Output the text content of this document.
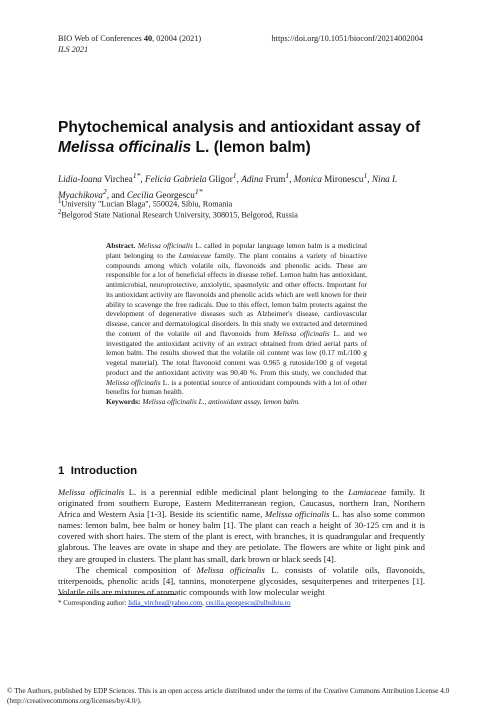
BIO Web of Conferences 40, 02004 (2021)
ILS 2021
https://doi.org/10.1051/bioconf/20214002004
Phytochemical analysis and antioxidant assay of
Melissa officinalis L. (lemon balm)
Lidia-Ioana Virchea$^{1*}$, Felicia Gabriela Gligor$^1$, Adina Frum$^1$, Monica Mironescu$^1$, Nina I. Myachikova$^2$, and Cecilia Georgescu$^{1*}$
$^1$University "Lucian Blaga", 550024, Sibiu, Romania
$^2$Belgorod State National Research University, 308015, Belgorod, Russia
Abstract. Melissa officinalis L. called in popular language lemon balm is a medicinal plant belonging to the Lamiaceae family. The plant contains a variety of bioactive compounds among which volatile oils, flavonoids and phenolic acids. These are responsible for a lot of beneficial effects in disease relief. Lemon balm has antioxidant, antimicrobial, neuroprotective, anxiolytic, spasmolytic and other effects. Important for its antioxidant activity are flavonoids and phenolic acids which are well known for their ability to scavenge the free radicals. Due to this effect, lemon balm protects against the development of degenerative diseases such as Alzheimer's disease, cardiovascular disease, cancer and dermatological disorders. In this study we extracted and determined the content of the volatile oil and flavonoids from Melissa officinalis L. and we investigated the antioxidant activity of an extract obtained from dried aerial parts of lemon balm. The results showed that the volatile oil content was low (0.17 mL/100 g vegetal material). The total flavonoid content was 0.965 g rutoside/100 g of vegetal product and the antioxidant activity was 90.40 %. From this study, we concluded that Melissa officinalis L. is a potential source of antioxidant compounds with a lot of other benefits for human health.
Keywords: Melissa officinalis L., antioxidant assay, lemon balm.
1 Introduction

Melissa officinalis L. is a perennial edible medicinal plant belonging to the Lamiaceae family. It originated from southern Europe, Eastern Mediterranean region, Caucasus, northern Iran, Northern Africa and Western Asia [1-3]. Beside its scientific name, Melissa officinalis L. has also some common names: lemon balm, bee balm or honey balm [1]. The plant can reach a height of 30-125 cm and it is covered with short hairs. The stem of the plant is erect, with branches, it is quadrangular and frequently glabrous. The leaves are ovate in shape and they are petiolate. The flowers are white or light pink and they are grouped in clusters. The plant has small, dark brown or black seeds [4].

The chemical composition of Melissa officinalis L. consists of volatile oils, flavonoids, triterpenoids, phenolic acids [4], tannins, monoterpene glycosides, sesquiterpenes and triterpenes [1]. Volatile oils are mixtures of aromatic compounds with low molecular weight

* Corresponding author: lidia_virchea@yahoo.com, cecilia.georgescu@ulbsibiu.ro
© The Authors, published by EDP Sciences. This is an open access article distributed under the terms of the Creative Commons Attribution License 4.0 (http://creativecommons.org/licenses/by/4.0/).
